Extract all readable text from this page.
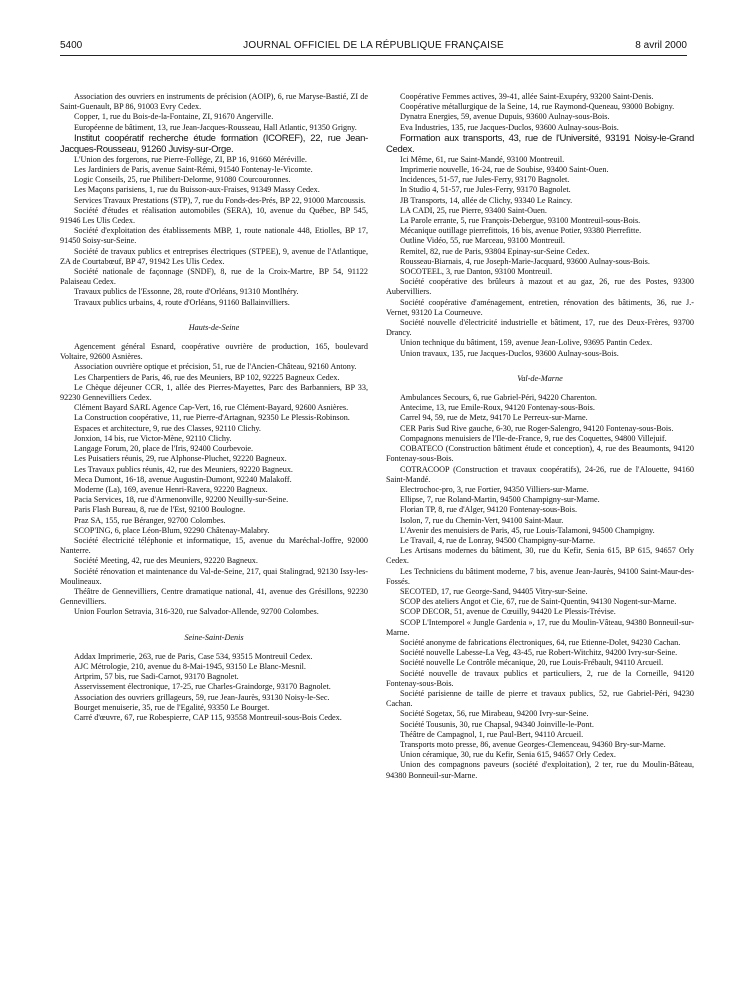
5400	JOURNAL OFFICIEL DE LA RÉPUBLIQUE FRANÇAISE	8 avril 2000

Association des ouvriers en instruments de précision (AOIP), 6, rue Maryse-Bastié, ZI de Saint-Guenault, BP 86, 91003 Evry Cedex.

Copper, 1, rue du Bois-de-la-Fontaine, ZI, 91670 Angerville.

Européenne de bâtiment, 13, rue Jean-Jacques-Rousseau, Hall Atlantic, 91350 Grigny.

Institut coopératif recherche étude formation (ICOREF), 22, rue Jean-Jacques-Rousseau, 91260 Juvisy-sur-Orge.

L'Union des forgerons, rue Pierre-Follège, ZI, BP 16, 91660 Méréville.

Les Jardiniers de Paris, avenue Saint-Rémi, 91540 Fontenay-le-Vicomte.

Logic Conseils, 25, rue Philibert-Delorme, 91080 Courcouronnes.

Les Maçons parisiens, 1, rue du Buisson-aux-Fraises, 91349 Massy Cedex.

Services Travaux Prestations (STP), 7, rue du Fonds-des-Prés, BP 22, 91000 Marcoussis.

Société d'études et réalisation automobiles (SERA), 10, avenue du Québec, BP 545, 91946 Les Ulis Cedex.

Société d'exploitation des établissements MBP, 1, route nationale 448, Etiolles, BP 17, 91450 Soisy-sur-Seine.

Société de travaux publics et entreprises électriques (STPEE), 9, avenue de l'Atlantique, ZA de Courtabœuf, BP 47, 91942 Les Ulis Cedex.

Société nationale de façonnage (SNDF), 8, rue de la Croix-Martre, BP 54, 91122 Palaiseau Cedex.

Travaux publics de l'Essonne, 28, route d'Orléans, 91310 Montlhéry.

Travaux publics urbains, 4, route d'Orléans, 91160 Ballainvilliers.

Hauts-de-Seine

Agencement général Esnard, coopérative ouvrière de production, 165, boulevard Voltaire, 92600 Asnières.

Association ouvrière optique et précision, 51, rue de l'Ancien-Château, 92160 Antony.

Les Charpentiers de Paris, 46, rue des Meuniers, BP 102, 92225 Bagneux Cedex.

Le Chèque déjeuner CCR, 1, allée des Pierres-Mayettes, Parc des Barbanniers, BP 33, 92230 Gennevilliers Cedex.

Clément Bayard SARL Agence Cap-Vert, 16, rue Clément-Bayard, 92600 Asnières.

La Construction coopérative, 11, rue Pierre-d'Artagnan, 92350 Le Plessis-Robinson.

Espaces et architecture, 9, rue des Classes, 92110 Clichy.

Jonxion, 14 bis, rue Victor-Mène, 92110 Clichy.

Langage Forum, 20, place de l'Iris, 92400 Courbevoie.

Les Puisatiers réunis, 29, rue Alphonse-Pluchet, 92220 Bagneux.

Les Travaux publics réunis, 42, rue des Meuniers, 92220 Bagneux.

Meca Dumont, 16-18, avenue Augustin-Dumont, 92240 Malakoff.

Moderne (La), 169, avenue Henri-Ravera, 92220 Bagneux.

Pacia Services, 18, rue d'Armenonville, 92200 Neuilly-sur-Seine.

Paris Flash Bureau, 8, rue de l'Est, 92100 Boulogne.

Praz SA, 155, rue Béranger, 92700 Colombes.

SCOP'ING, 6, place Léon-Blum, 92290 Châtenay-Malabry.

Société électricité téléphonie et informatique, 15, avenue du Maréchal-Joffre, 92000 Nanterre.

Société Meeting, 42, rue des Meuniers, 92220 Bagneux.

Société rénovation et maintenance du Val-de-Seine, 217, quai Stalingrad, 92130 Issy-les-Moulineaux.

Théâtre de Gennevilliers, Centre dramatique national, 41, avenue des Grésillons, 92230 Gennevilliers.

Union Fourlon Setravia, 316-320, rue Salvador-Allende, 92700 Colombes.

Seine-Saint-Denis

Addax Imprimerie, 263, rue de Paris, Case 534, 93515 Montreuil Cedex.

AJC Métrologie, 210, avenue du 8-Mai-1945, 93150 Le Blanc-Mesnil.

Artprim, 57 bis, rue Sadi-Carnot, 93170 Bagnolet.

Asservissement électronique, 17-25, rue Charles-Graindorge, 93170 Bagnolet.

Association des ouvriers grillageurs, 59, rue Jean-Jaurès, 93130 Noisy-le-Sec.

Bourget menuiserie, 35, rue de l'Egalité, 93350 Le Bourget.

Carré d'œuvre, 67, rue Robespierre, CAP 115, 93558 Montreuil-sous-Bois Cedex.

Coopérative Femmes actives, 39-41, allée Saint-Exupéry, 93200 Saint-Denis.

Coopérative métallurgique de la Seine, 14, rue Raymond-Queneau, 93000 Bobigny.

Dynatra Energies, 59, avenue Dupuis, 93600 Aulnay-sous-Bois.

Eva Industries, 135, rue Jacques-Duclos, 93600 Aulnay-sous-Bois.

Formation aux transports, 43, rue de l'Université, 93191 Noisy-le-Grand Cedex.

Ici Même, 61, rue Saint-Mandé, 93100 Montreuil.

Imprimerie nouvelle, 16-24, rue de Soubise, 93400 Saint-Ouen.

Incidences, 51-57, rue Jules-Ferry, 93170 Bagnolet.

In Studio 4, 51-57, rue Jules-Ferry, 93170 Bagnolet.

JB Transports, 14, allée de Clichy, 93340 Le Raincy.

LA CADI, 25, rue Pierre, 93400 Saint-Ouen.

La Parole errante, 5, rue François-Debergue, 93100 Montreuil-sous-Bois.

Mécanique outillage pierrefittois, 16 bis, avenue Potier, 93380 Pierrefitte.

Outline Vidéo, 55, rue Marceau, 93100 Montreuil.

Remitel, 82, rue de Paris, 93804 Epinay-sur-Seine Cedex.

Rousseau-Biarnais, 4, rue Joseph-Marie-Jacquard, 93600 Aulnay-sous-Bois.

SOCOTEEL, 3, rue Danton, 93100 Montreuil.

Société coopérative des brûleurs à mazout et au gaz, 26, rue des Postes, 93300 Aubervilliers.

Société coopérative d'aménagement, entretien, rénovation des bâtiments, 36, rue J.-Vernet, 93120 La Courneuve.

Société nouvelle d'électricité industrielle et bâtiment, 17, rue des Deux-Frères, 93700 Drancy.

Union technique du bâtiment, 159, avenue Jean-Lolive, 93695 Pantin Cedex.

Union travaux, 135, rue Jacques-Duclos, 93600 Aulnay-sous-Bois.

Val-de-Marne

Ambulances Secours, 6, rue Gabriel-Péri, 94220 Charenton.

Antecime, 13, rue Emile-Roux, 94120 Fontenay-sous-Bois.

Carrel 94, 59, rue de Metz, 94170 Le Perreux-sur-Marne.

CER Paris Sud Rive gauche, 6-30, rue Roger-Salengro, 94120 Fontenay-sous-Bois.

Compagnons menuisiers de l'Ile-de-France, 9, rue des Coquettes, 94800 Villejuif.

COBATECO (Construction bâtiment étude et conception), 4, rue des Beaumonts, 94120 Fontenay-sous-Bois.

COTRACOOP (Construction et travaux coopératifs), 24-26, rue de l'Alouette, 94160 Saint-Mandé.

Electrochoc-pro, 3, rue Fortier, 94350 Villiers-sur-Marne.

Ellipse, 7, rue Roland-Martin, 94500 Champigny-sur-Marne.

Florian TP, 8, rue d'Alger, 94120 Fontenay-sous-Bois.

Isolon, 7, rue du Chemin-Vert, 94100 Saint-Maur.

L'Avenir des menuisiers de Paris, 45, rue Louis-Talamoni, 94500 Champigny.

Le Travail, 4, rue de Lonray, 94500 Champigny-sur-Marne.

Les Artisans modernes du bâtiment, 30, rue du Kefir, Senia 615, BP 615, 94657 Orly Cedex.

Les Techniciens du bâtiment moderne, 7 bis, avenue Jean-Jaurès, 94100 Saint-Maur-des-Fossés.

SECOTED, 17, rue George-Sand, 94405 Vitry-sur-Seine.

SCOP des ateliers Angot et Cie, 67, rue de Saint-Quentin, 94130 Nogent-sur-Marne.

SCOP DECOR, 51, avenue de Cœuilly, 94420 Le Plessis-Trévise.

SCOP L'Intemporel « Jungle Gardenia », 17, rue du Moulin-Vâteau, 94380 Bonneuil-sur-Marne.

Société anonyme de fabrications électroniques, 64, rue Etienne-Dolet, 94230 Cachan.

Société nouvelle Labesse-La Veg, 43-45, rue Robert-Witchitz, 94200 Ivry-sur-Seine.

Société nouvelle Le Contrôle mécanique, 20, rue Louis-Frébault, 94110 Arcueil.

Société nouvelle de travaux publics et particuliers, 2, rue de la Corneille, 94120 Fontenay-sous-Bois.

Société parisienne de taille de pierre et travaux publics, 52, rue Gabriel-Péri, 94230 Cachan.

Société Sogetax, 56, rue Mirabeau, 94200 Ivry-sur-Seine.

Société Tousunis, 30, rue Chapsal, 94340 Joinville-le-Pont.

Théâtre de Campagnol, 1, rue Paul-Bert, 94110 Arcueil.

Transports moto presse, 86, avenue Georges-Clemenceau, 94360 Bry-sur-Marne.

Union céramique, 30, rue du Kefir, Senia 615, 94657 Orly Cedex.

Union des compagnons paveurs (société d'exploitation), 2 ter, rue du Moulin-Bâteau, 94380 Bonneuil-sur-Marne.
